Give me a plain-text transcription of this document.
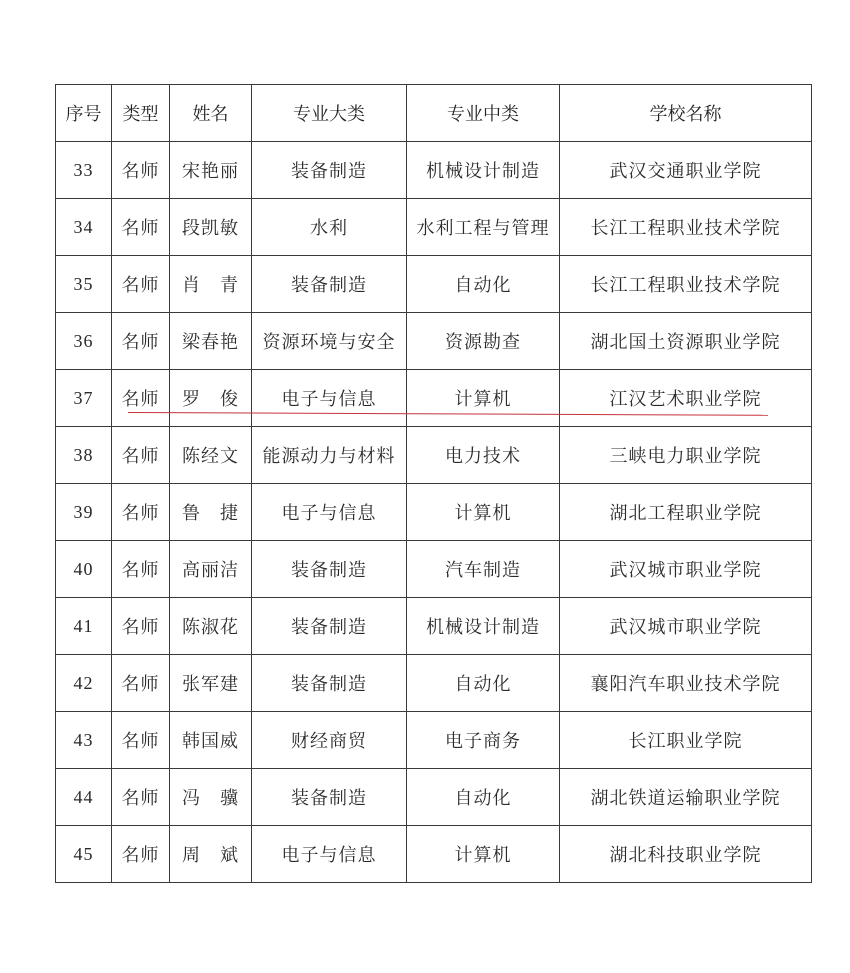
序号	类型	姓名	专业大类	专业中类	学校名称
33	名师	宋艳丽	装备制造	机械设计制造	武汉交通职业学院
34	名师	段凯敏	水利	水利工程与管理	长江工程职业技术学院
35	名师	肖　青	装备制造	自动化	长江工程职业技术学院
36	名师	梁春艳	资源环境与安全	资源勘查	湖北国土资源职业学院
37	名师	罗　俊	电子与信息	计算机	江汉艺术职业学院
38	名师	陈经文	能源动力与材料	电力技术	三峡电力职业学院
39	名师	鲁　捷	电子与信息	计算机	湖北工程职业学院
40	名师	高丽洁	装备制造	汽车制造	武汉城市职业学院
41	名师	陈淑花	装备制造	机械设计制造	武汉城市职业学院
42	名师	张军建	装备制造	自动化	襄阳汽车职业技术学院
43	名师	韩国威	财经商贸	电子商务	长江职业学院
44	名师	冯　骥	装备制造	自动化	湖北铁道运输职业学院
45	名师	周　斌	电子与信息	计算机	湖北科技职业学院
